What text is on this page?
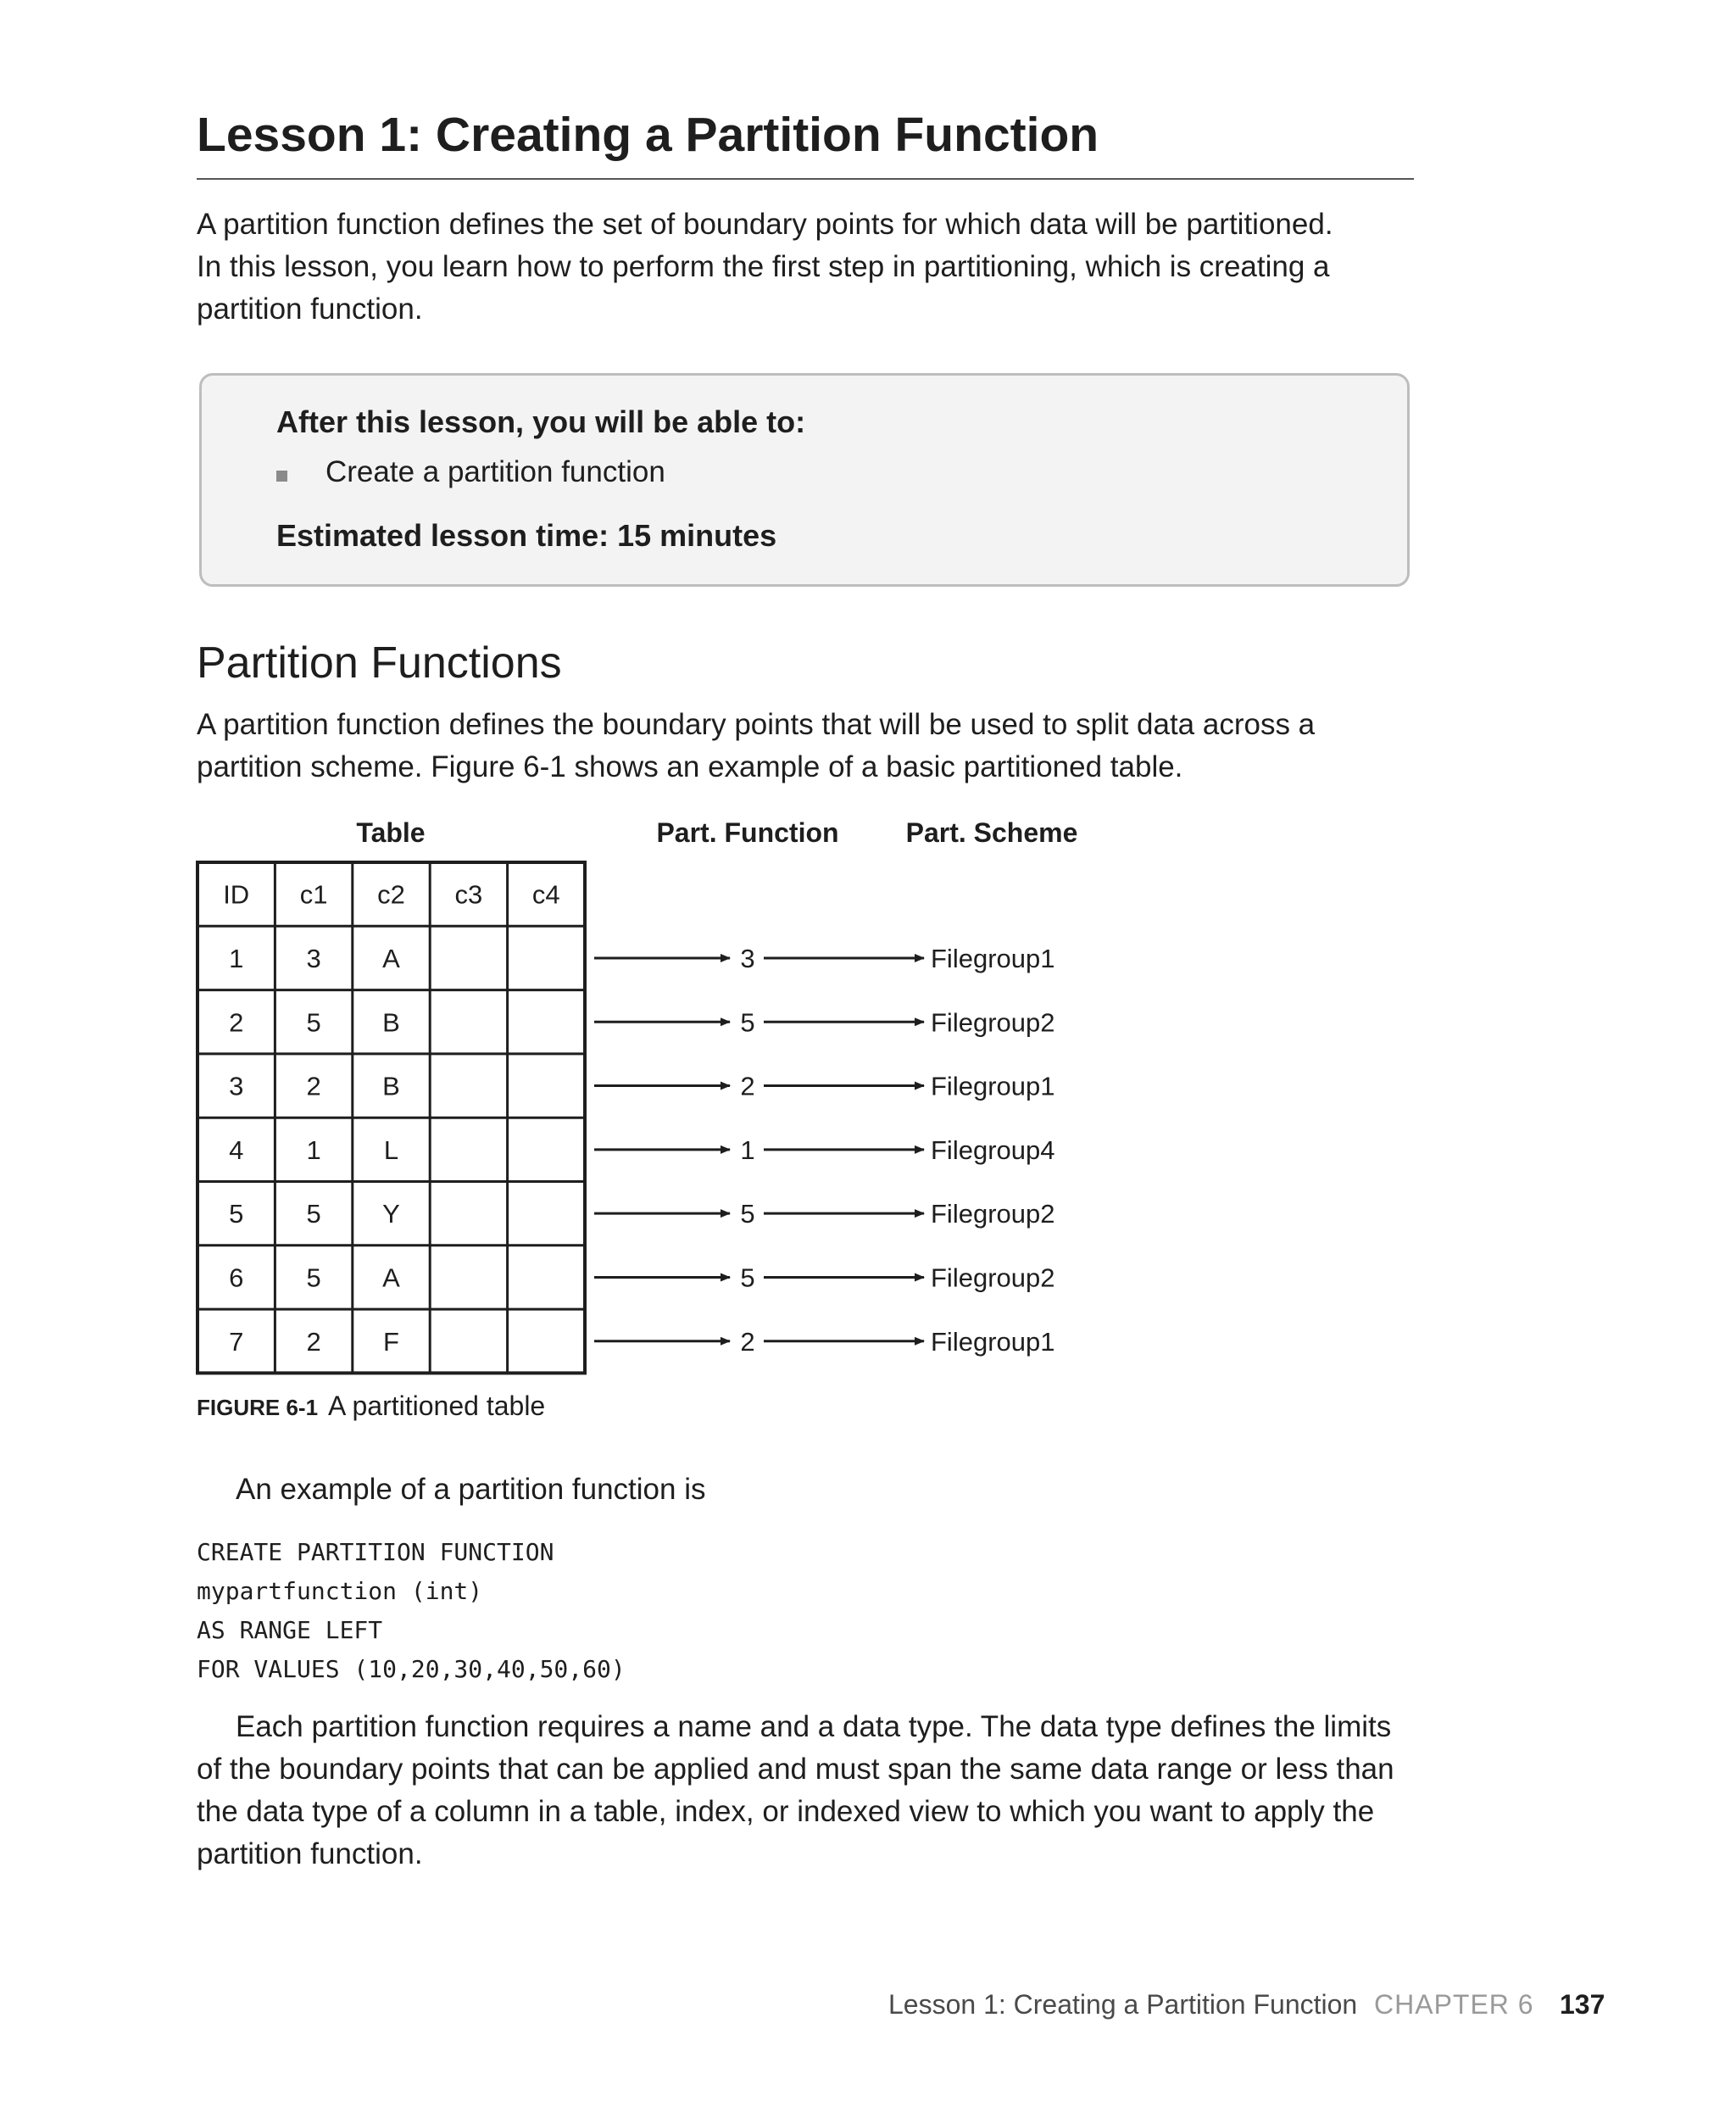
Lesson 1: Creating a Partition Function

A partition function defines the set of boundary points for which data will be partitioned.

In this lesson, you learn how to perform the first step in partitioning, which is creating a

partition function.

After this lesson, you will be able to:
Create a partition function
Estimated lesson time: 15 minutes
Partition Functions

A partition function defines the boundary points that will be used to split data across a

partition scheme. Figure 6-1 shows an example of a basic partitioned table.

Table	Part. Function Part. Scheme
ID c1 c2 c3 c4
1 3 A	3	Filegroup1
2 5 B	5	Filegroup2
3 2 B	2	Filegroup1
4 1 L	1	Filegroup4
5 5 Y	5	Filegroup2
6 5 A	5	Filegroup2
7 2 F	2	Filegroup1
FIGURE 6-1 A partitioned table

An example of a partition function is

CREATE PARTITION FUNCTION
mypartfunction (int)
AS RANGE LEFT
FOR VALUES (10,20,30,40,50,60)

Each partition function requires a name and a data type. The data type defines the limits

of the boundary points that can be applied and must span the same data range or less than

the data type of a column in a table, index, or indexed view to which you want to apply the

partition function.

Lesson 1: Creating a Partition Function CHAPTER 6 137
